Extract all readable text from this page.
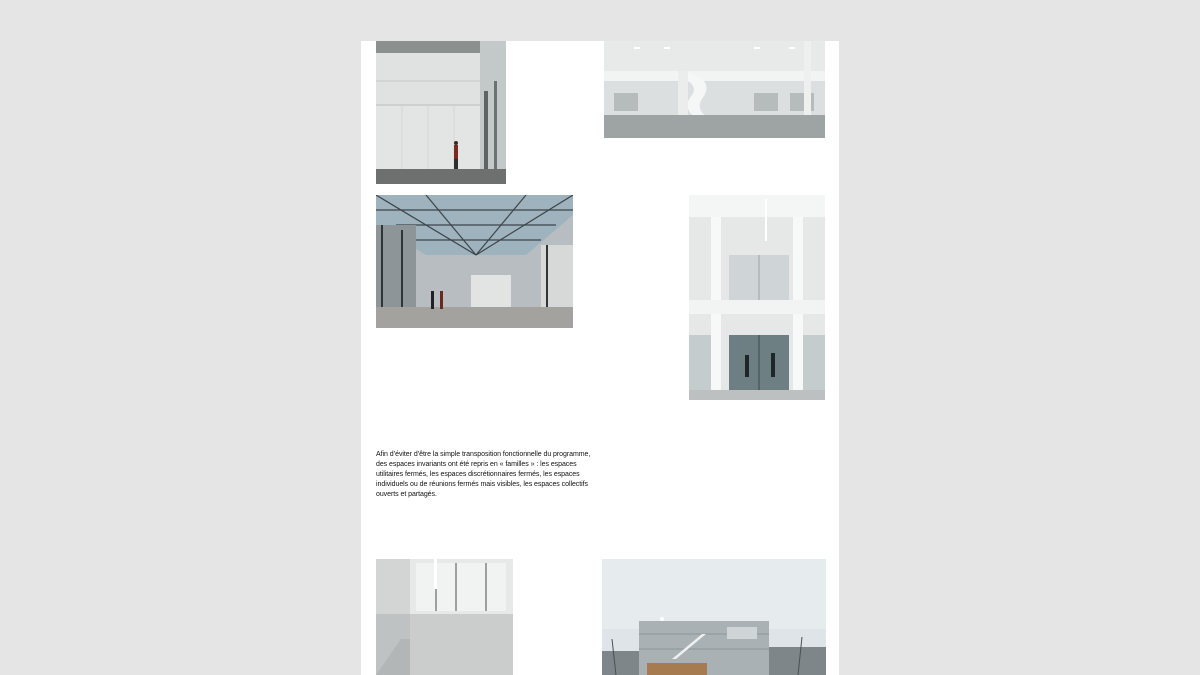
Afin d’éviter d’être la simple transposition fonctionnelle du programme, des espaces invariants ont été repris en « familles » : les espaces utilitaires fermés, les espaces discrétionnaires fermés, les espaces individuels ou de réunions fermés mais visibles, les espaces collectifs ouverts et partagés.
